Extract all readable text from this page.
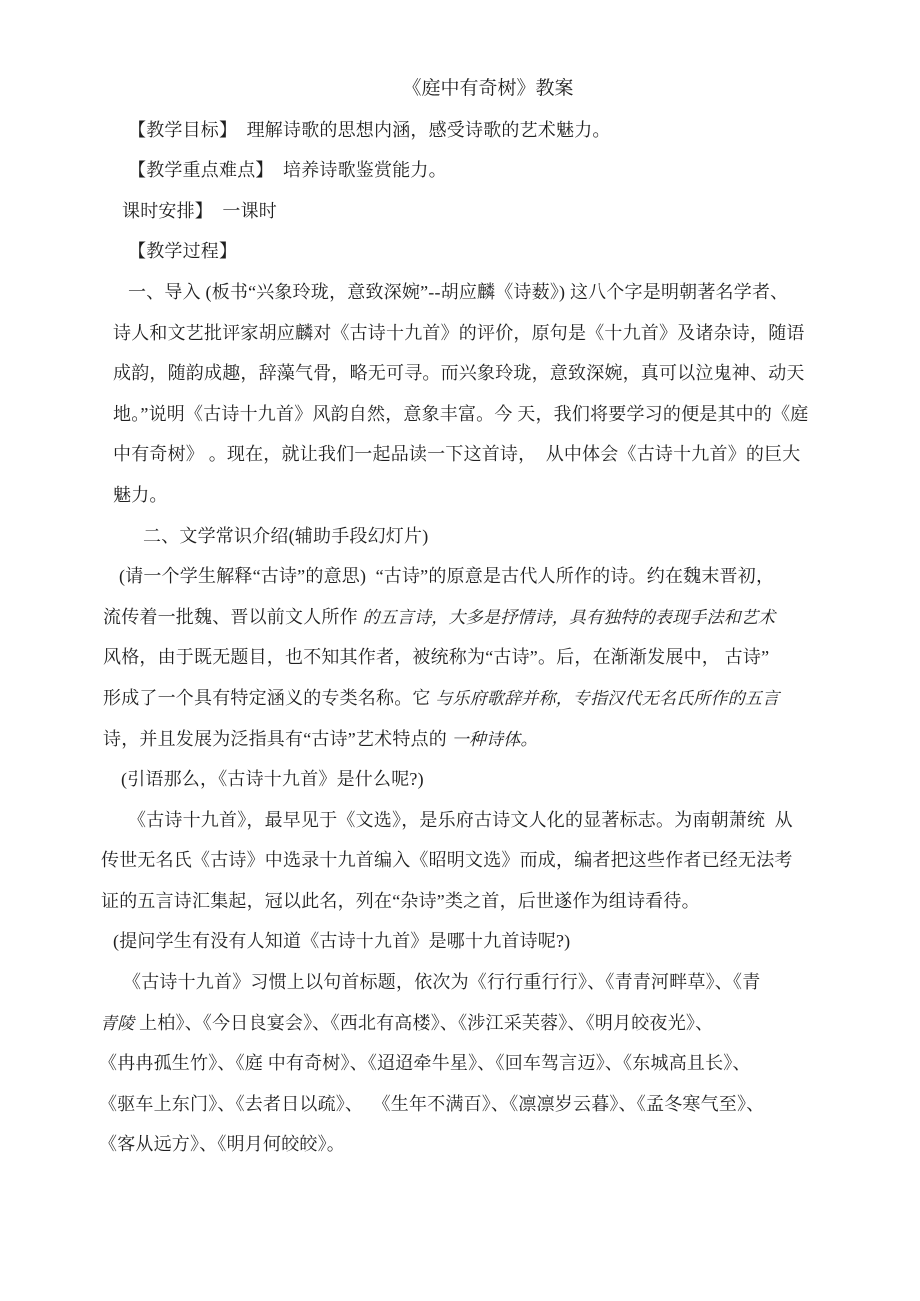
《庭中有奇树》教案
【教学目标】  理解诗歌的思想内涵，感受诗歌的艺术魅力。
【教学重点难点】  培养诗歌鉴赏能力。
课时安排】  一课时
【教学过程】
一、导入 (板书“兴象玲珑，意致深婉”--胡应麟《诗薮》) 这八个字是明朝著名学者、
诗人和文艺批评家胡应麟对《古诗十九首》的评价，原句是《十九首》及诸杂诗，随语
成韵，随韵成趣，辞藻气骨，略无可寻。而兴象玲珑，意致深婉，真可以泣鬼神、动天
地。”说明《古诗十九首》风韵自然，意象丰富。今 天，我们将要学习的便是其中的《庭
中有奇树》 。现在，就让我们一起品读一下这首诗，  从中体会《古诗十九首》的巨大
魅力。
二、文学常识介绍(辅助手段幻灯片)
(请一个学生解释“古诗”的意思)  “古诗”的原意是古代人所作的诗。约在魏末晋初，
流传着一批魏、晋以前文人所作 的五言诗，大多是抒情诗，具有独特的表现手法和艺术
风格，由于既无题目，也不知其作者，被统称为“古诗”。后，在渐渐发展中， 古诗”
形成了一个具有特定涵义的专类名称。它 与乐府歌辞并称，专指汉代无名氏所作的五言
诗，并且发展为泛指具有“古诗”艺术特点的 一种诗体。
(引语那么，《古诗十九首》是什么呢?)
《古诗十九首》，最早见于《文选》，是乐府古诗文人化的显著标志。为南朝萧统  从
传世无名氏《古诗》中选录十九首编入《昭明文选》而成，编者把这些作者已经无法考
证的五言诗汇集起，冠以此名，列在“杂诗”类之首，后世遂作为组诗看待。
(提问学生有没有人知道《古诗十九首》是哪十九首诗呢?)
《古诗十九首》习惯上以句首标题，依次为《行行重行行》、《青青河畔草》、《青
青陵 上柏》、《今日良宴会》、《西北有高楼》、《涉江采芙蓉》、《明月皎夜光》、
《冉冉孤生竹》、《庭 中有奇树》、《迢迢牵牛星》、《回车驾言迈》、《东城高且长》、
《驱车上东门》、《去者日以疏》、  《生年不满百》、《凛凛岁云暮》、《孟冬寒气至》、
《客从远方》、《明月何皎皎》。
